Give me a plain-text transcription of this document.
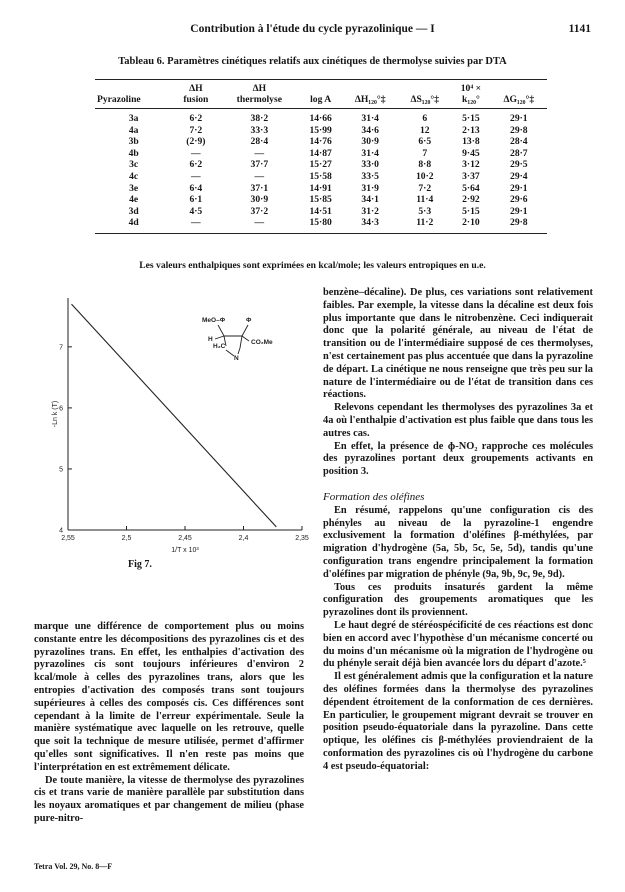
Contribution à l'étude du cycle pyrazolinique — I	1141
Tableau 6. Paramètres cinétiques relatifs aux cinétiques de thermolyse suivies par DTA
	ΔH	ΔH				10⁴ ×	
Pyrazoline	fusion	thermolyse	log A	ΔH₁₂₀°‡	ΔS₁₂₀°‡	k₁₂₀°	ΔG₁₂₀°‡
3a	6·2	38·2	14·66	31·4	6	5·15	29·1
4a	7·2	33·3	15·99	34·6	12	2·13	29·8
3b	(2·9)	28·4	14·76	30·9	6·5	13·8	28·4
4b	—	—	14·87	31·4	7	9·45	28·7
3c	6·2	37·7	15·27	33·0	8·8	3·12	29·5
4c	—	—	15·58	33·5	10·2	3·37	29·4
3e	6·4	37·1	14·91	31·9	7·2	5·64	29·1
4e	6·1	30·9	15·85	34·1	11·4	2·92	29·6
3d	4·5	37·2	14·51	31·2	5·3	5·15	29·1
4d	—	—	15·80	34·3	11·2	2·10	29·8
Les valeurs enthalpiques sont exprimées en kcal/mole; les valeurs entropiques en u.e.
MeO–Φ	Φ
H
H₂C
CO₂Me
N
2,55	2,5	2,45	2,4	2,35
4
5
6
7
1/T x 10³
-Ln k (T)
Fig 7.

marque une différence de comportement plus ou moins constante entre les décompositions des pyrazolines cis et des pyrazolines trans. En effet, les enthalpies d'activation des pyrazolines cis sont toujours inférieures d'environ 2 kcal/mole à celles des pyrazolines trans, alors que les entropies d'activation des composés trans sont toujours supérieures à celles des composés cis. Ces différences sont cependant à la limite de l'erreur expérimentale. Seule la manière systématique avec laquelle on les retrouve, quelle que soit la technique de mesure utilisée, permet d'affirmer qu'elles sont significatives. Il n'en reste pas moins que l'interprétation en est extrêmement délicate.

De toute manière, la vitesse de thermolyse des pyrazolines cis et trans varie de manière parallèle par substitution dans les noyaux aromatiques et par changement de milieu (phase pure-nitro-

benzène–décaline). De plus, ces variations sont relativement faibles. Par exemple, la vitesse dans la décaline est deux fois plus importante que dans le nitrobenzène. Ceci indiquerait donc que la polarité générale, au niveau de l'état de transition ou de l'intermédiaire supposé de ces thermolyses, n'est certainement pas plus accentuée que dans la pyrazoline de départ. La cinétique ne nous renseigne que très peu sur la nature de l'intermédiaire ou de l'état de transition dans ces réactions.

Relevons cependant les thermolyses des pyrazolines 3a et 4a où l'enthalpie d'activation est plus faible que dans tous les autres cas.

En effet, la présence de ɸ-NO₂ rapproche ces molécules des pyrazolines portant deux groupements activants en position 3.

Formation des oléfines

En résumé, rappelons qu'une configuration cis des phényles au niveau de la pyrazoline-1 engendre exclusivement la formation d'oléfines β-méthylées, par migration d'hydrogène (5a, 5b, 5c, 5e, 5d), tandis qu'une configuration trans engendre principalement la formation d'oléfines par migration de phényle (9a, 9b, 9c, 9e, 9d).

Tous ces produits insaturés gardent la même configuration des groupements aromatiques que les pyrazolines dont ils proviennent.

Le haut degré de stéréospécificité de ces réactions est donc bien en accord avec l'hypothèse d'un mécanisme concerté ou du moins d'un mécanisme où la migration de l'hydrogène ou du phényle serait déjà bien avancée lors du départ d'azote.⁵

Il est généralement admis que la configuration et la nature des oléfines formées dans la thermolyse des pyrazolines dépendent étroitement de la conformation de ces dernières. En particulier, le groupement migrant devrait se trouver en position pseudo-équatoriale dans la pyrazoline. Dans cette optique, les oléfines cis β-méthylées proviendraient de la conformation des pyrazolines cis où l'hydrogène du carbone 4 est pseudo-équatorial:

Tetra Vol. 29, No. 8—F
